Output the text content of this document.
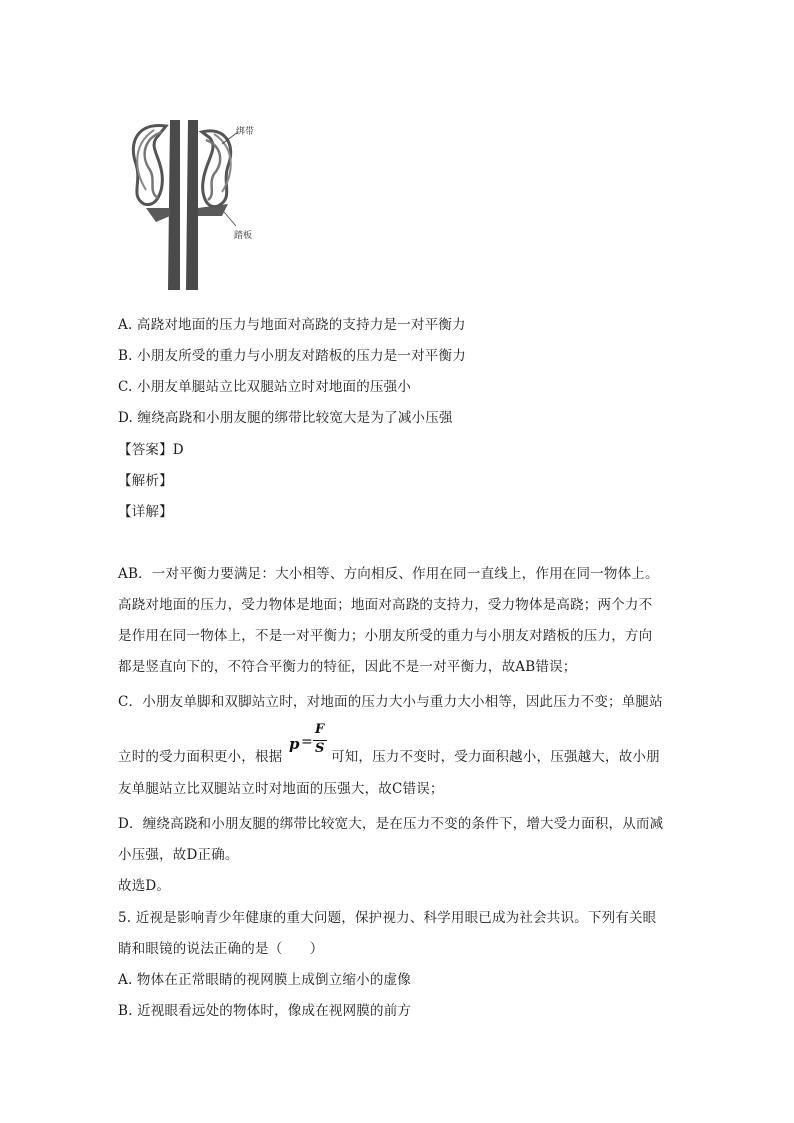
绑带
踏板
A. 高跷对地面的压力与地面对高跷的支持力是一对平衡力
B. 小朋友所受的重力与小朋友对踏板的压力是一对平衡力
C. 小朋友单腿站立比双腿站立时对地面的压强小
D. 缠绕高跷和小朋友腿的绑带比较宽大是为了减小压强
【答案】D
【解析】
【详解】
AB．一对平衡力要满足：大小相等、方向相反、作用在同一直线上，作用在同一物体上。
高跷对地面的压力，受力物体是地面；地面对高跷的支持力，受力物体是高跷；两个力不
是作用在同一物体上，不是一对平衡力；小朋友所受的重力与小朋友对踏板的压力，方向
都是竖直向下的，不符合平衡力的特征，因此不是一对平衡力，故AB错误；
C．小朋友单脚和双脚站立时，对地面的压力大小与重力大小相等，因此压力不变；单腿站
立时的受力面积更小，根据
p =
F
S
可知，压力不变时，受力面积越小，压强越大，故小朋
友单腿站立比双腿站立时对地面的压强大，故C错误；
D．缠绕高跷和小朋友腿的绑带比较宽大，是在压力不变的条件下，增大受力面积，从而减
小压强，故D正确。
故选D。
5. 近视是影响青少年健康的重大问题，保护视力、科学用眼已成为社会共识。下列有关眼
睛和眼镜的说法正确的是（　　）
A. 物体在正常眼睛的视网膜上成倒立缩小的虚像
B. 近视眼看远处的物体时，像成在视网膜的前方
